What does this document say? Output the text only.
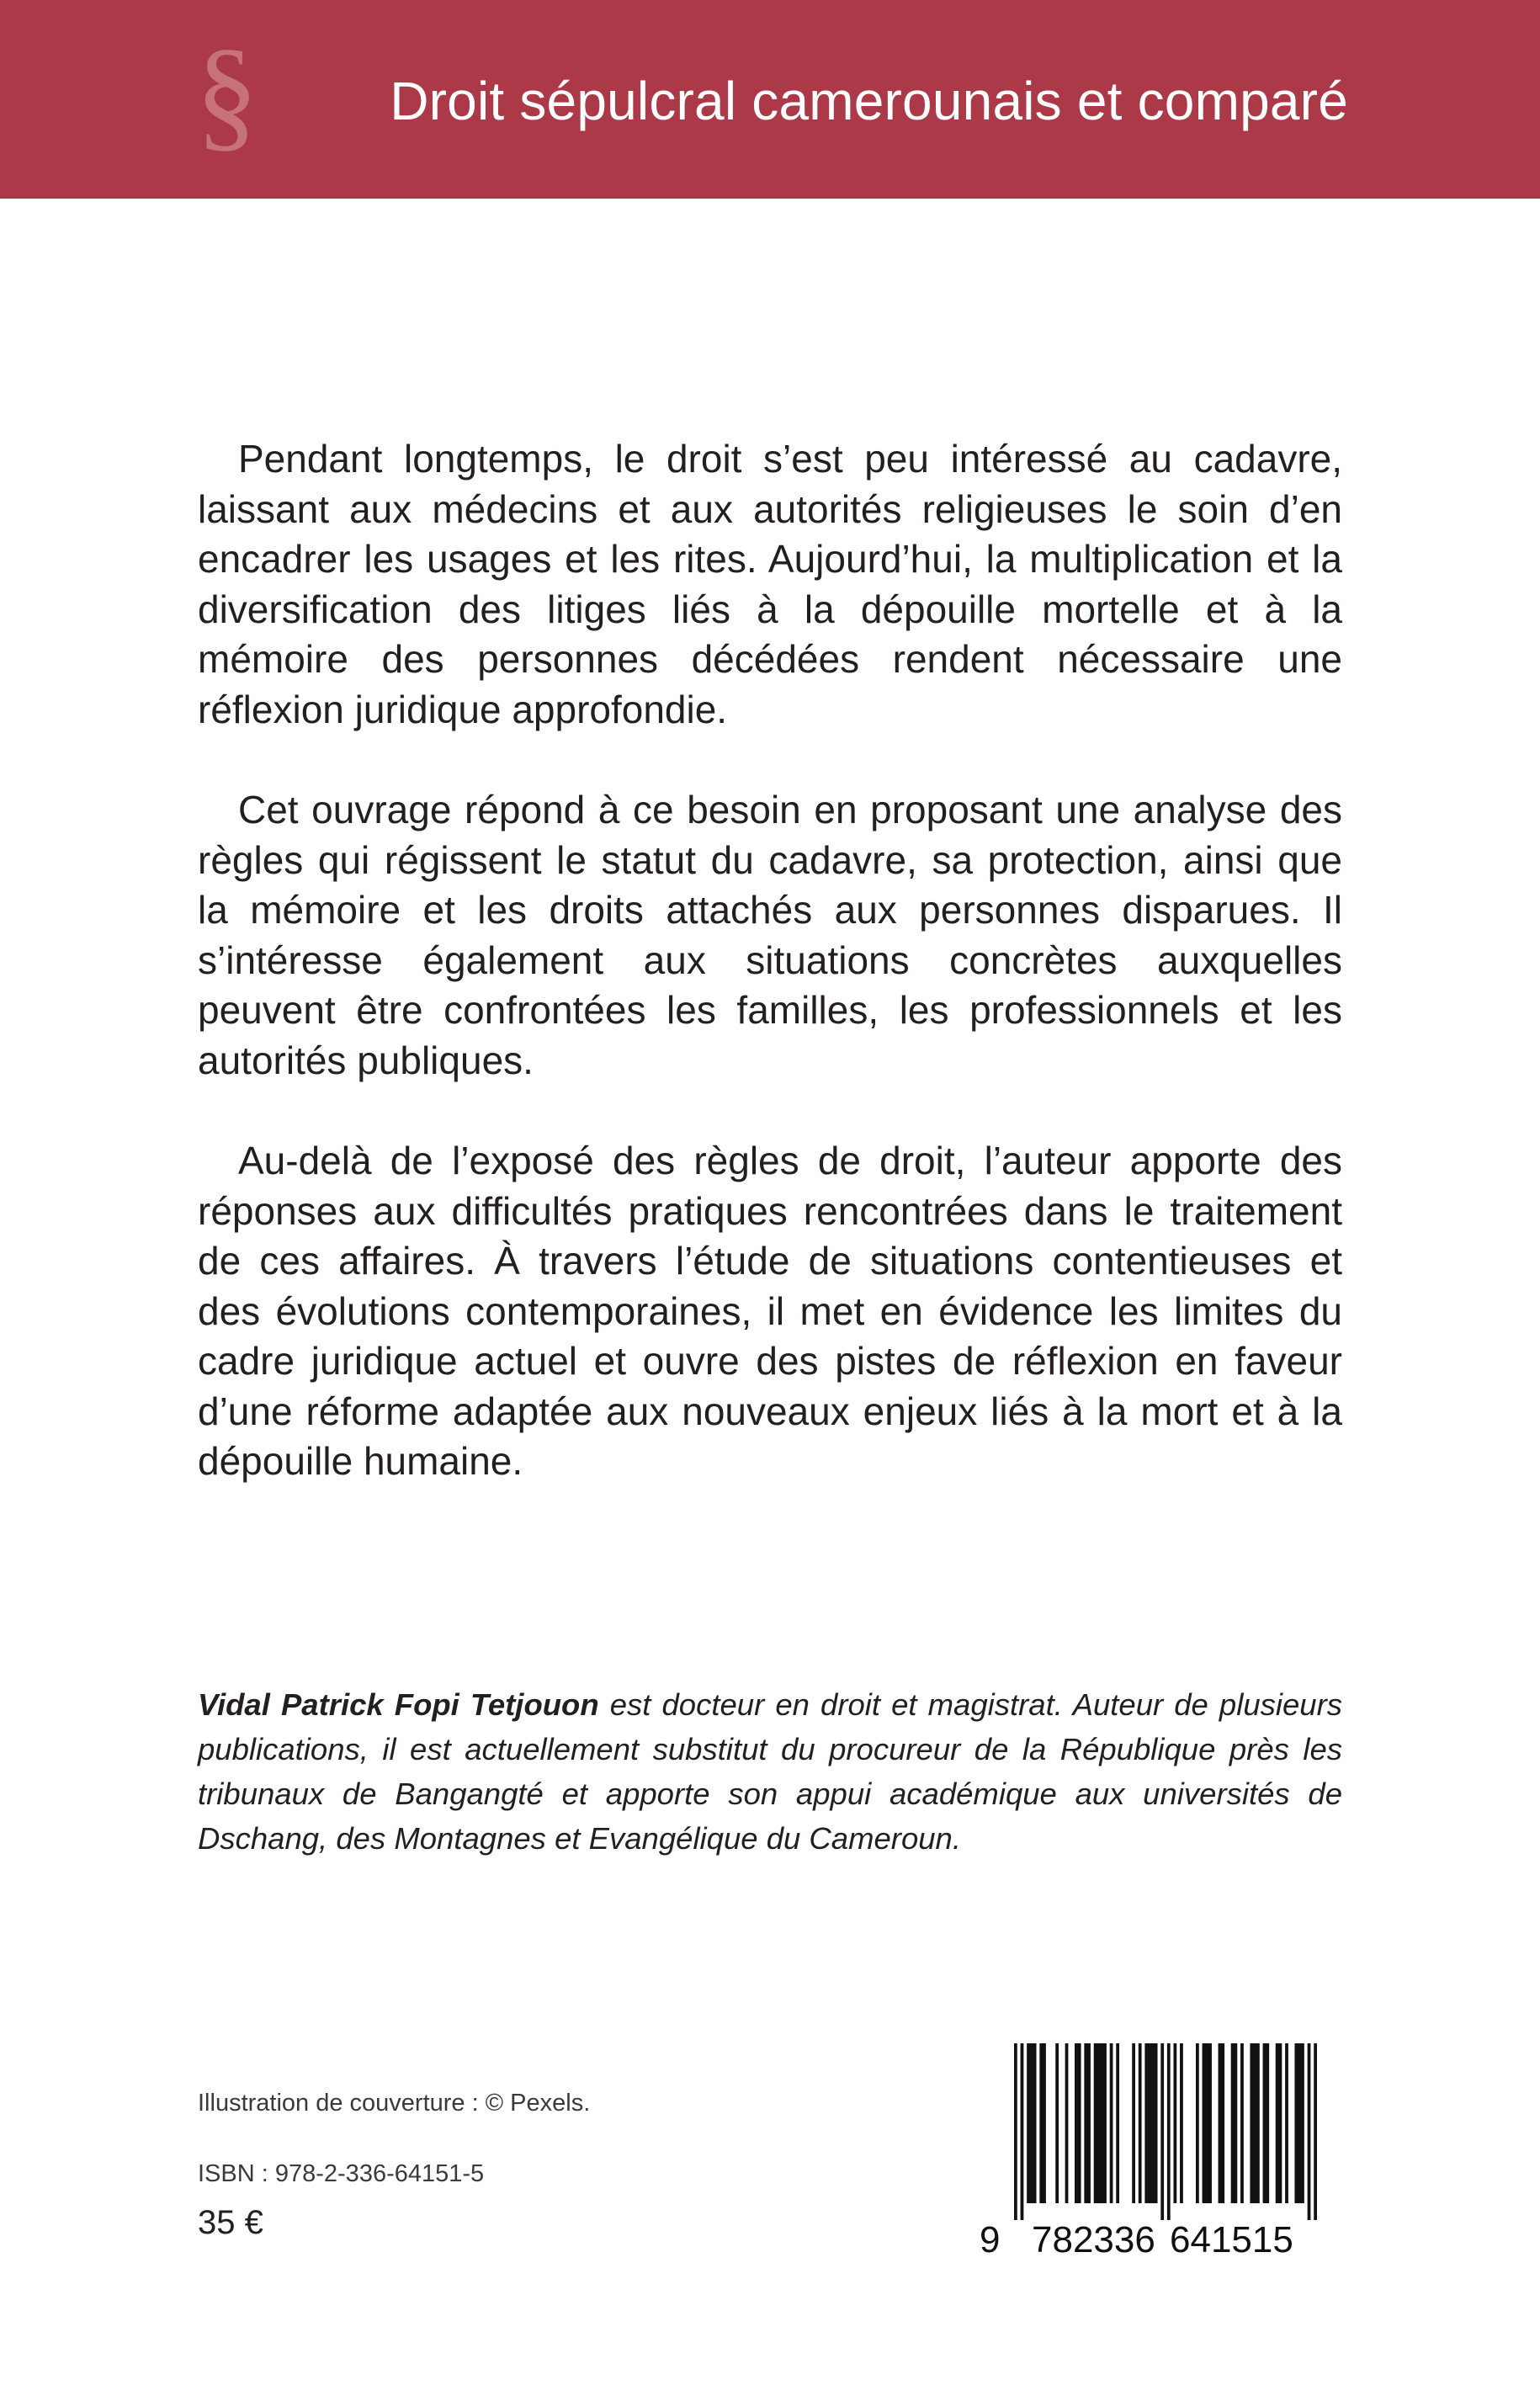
§ Droit sépulcral camerounais et comparé

Pendant longtemps, le droit s’est peu intéressé au cadavre, laissant aux médecins et aux autorités religieuses le soin d’en encadrer les usages et les rites. Aujourd’hui, la multiplication et la diversification des litiges liés à la dépouille mortelle et à la mémoire des personnes décédées rendent nécessaire une réflexion juridique approfondie.

Cet ouvrage répond à ce besoin en proposant une analyse des règles qui régissent le statut du cadavre, sa protection, ainsi que la mémoire et les droits attachés aux personnes disparues. Il s’intéresse également aux situations concrètes auxquelles peuvent être confrontées les familles, les professionnels et les autorités publiques.

Au-delà de l’exposé des règles de droit, l’auteur apporte des réponses aux difficultés pratiques rencontrées dans le traitement de ces affaires. À travers l’étude de situations contentieuses et des évolutions contemporaines, il met en évidence les limites du cadre juridique actuel et ouvre des pistes de réflexion en faveur d’une réforme adaptée aux nouveaux enjeux liés à la mort et à la dépouille humaine.

Vidal Patrick Fopi Tetjouon est docteur en droit et magistrat. Auteur de plusieurs publications, il est actuellement substitut du procureur de la République près les tribunaux de Bangangté et apporte son appui académique aux universités de Dschang, des Montagnes et Evangélique du Cameroun.

Illustration de couverture : © Pexels.
ISBN : 978-2-336-64151-5
35 €	9 782336 641515
